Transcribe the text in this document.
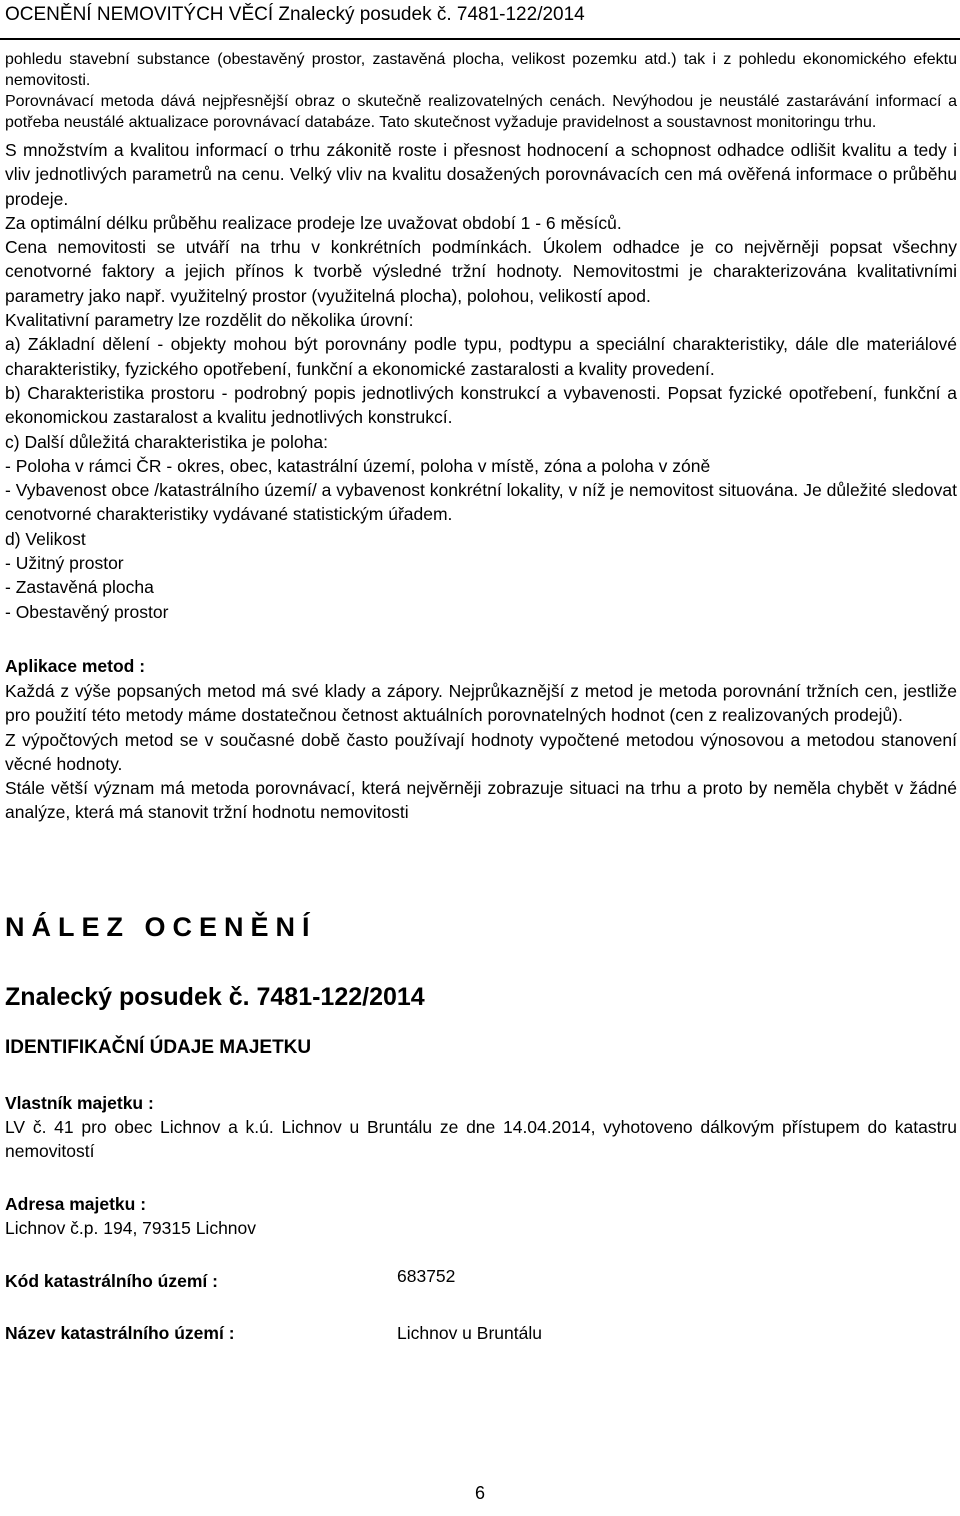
OCENĚNÍ NEMOVITÝCH VĚCÍ Znalecký posudek č. 7481-122/2014

pohledu stavební substance (obestavěný prostor, zastavěná plocha, velikost pozemku atd.) tak i z pohledu ekonomického efektu nemovitosti.

Porovnávací metoda dává nejpřesnější obraz o skutečně realizovatelných cenách. Nevýhodou je neustálé zastarávání informací a potřeba neustálé aktualizace porovnávací databáze. Tato skutečnost vyžaduje pravidelnost a soustavnost monitoringu trhu.

S množstvím a kvalitou informací o trhu zákonitě roste i přesnost hodnocení a schopnost odhadce odlišit kvalitu a tedy i vliv jednotlivých parametrů na cenu. Velký vliv na kvalitu dosažených porovnávacích cen má ověřená informace o průběhu prodeje.

Za optimální délku průběhu realizace prodeje lze uvažovat období 1 - 6 měsíců.

Cena nemovitosti se utváří na trhu v konkrétních podmínkách. Úkolem odhadce je co nejvěrněji popsat všechny cenotvorné faktory a jejich přínos k tvorbě výsledné tržní hodnoty. Nemovitostmi je charakterizována kvalitativními parametry jako např. využitelný prostor (využitelná plocha), polohou, velikostí apod.

Kvalitativní parametry lze rozdělit do několika úrovní:

a) Základní dělení - objekty mohou být porovnány podle typu, podtypu a speciální charakteristiky, dále dle materiálové charakteristiky, fyzického opotřebení, funkční a ekonomické zastaralosti a kvality provedení.

b) Charakteristika prostoru - podrobný popis jednotlivých konstrukcí a vybavenosti. Popsat fyzické opotřebení, funkční a ekonomickou zastaralost a kvalitu jednotlivých konstrukcí.

c) Další důležitá charakteristika je poloha:

- Poloha v rámci ČR - okres, obec, katastrální území, poloha v místě, zóna a poloha v zóně

- Vybavenost obce /katastrálního území/ a vybavenost konkrétní lokality, v níž je nemovitost situována. Je důležité sledovat cenotvorné charakteristiky vydávané statistickým úřadem.

d) Velikost

- Užitný prostor

- Zastavěná plocha

- Obestavěný prostor

Aplikace metod :

Každá z výše popsaných metod má své klady a zápory. Nejprůkaznější z metod je metoda porovnání tržních cen, jestliže pro použití této metody máme dostatečnou četnost aktuálních porovnatelných hodnot (cen z realizovaných prodejů).

Z výpočtových metod se v současné době často používají hodnoty vypočtené metodou výnosovou a metodou stanovení věcné hodnoty.

Stále větší význam má metoda porovnávací, která nejvěrněji zobrazuje situaci na trhu a proto by neměla chybět v žádné analýze, která má stanovit tržní hodnotu nemovitosti

NÁLEZ OCENĚNÍ

Znalecký posudek č. 7481-122/2014

IDENTIFIKAČNÍ ÚDAJE MAJETKU

Vlastník majetku :

LV č. 41 pro obec Lichnov a k.ú. Lichnov u Bruntálu ze dne 14.04.2014, vyhotoveno dálkovým přístupem do katastru nemovitostí

Adresa majetku :

Lichnov č.p. 194, 79315 Lichnov

Kód katastrálního území :	683752
Název katastrálního území :	Lichnov u Bruntálu
6
